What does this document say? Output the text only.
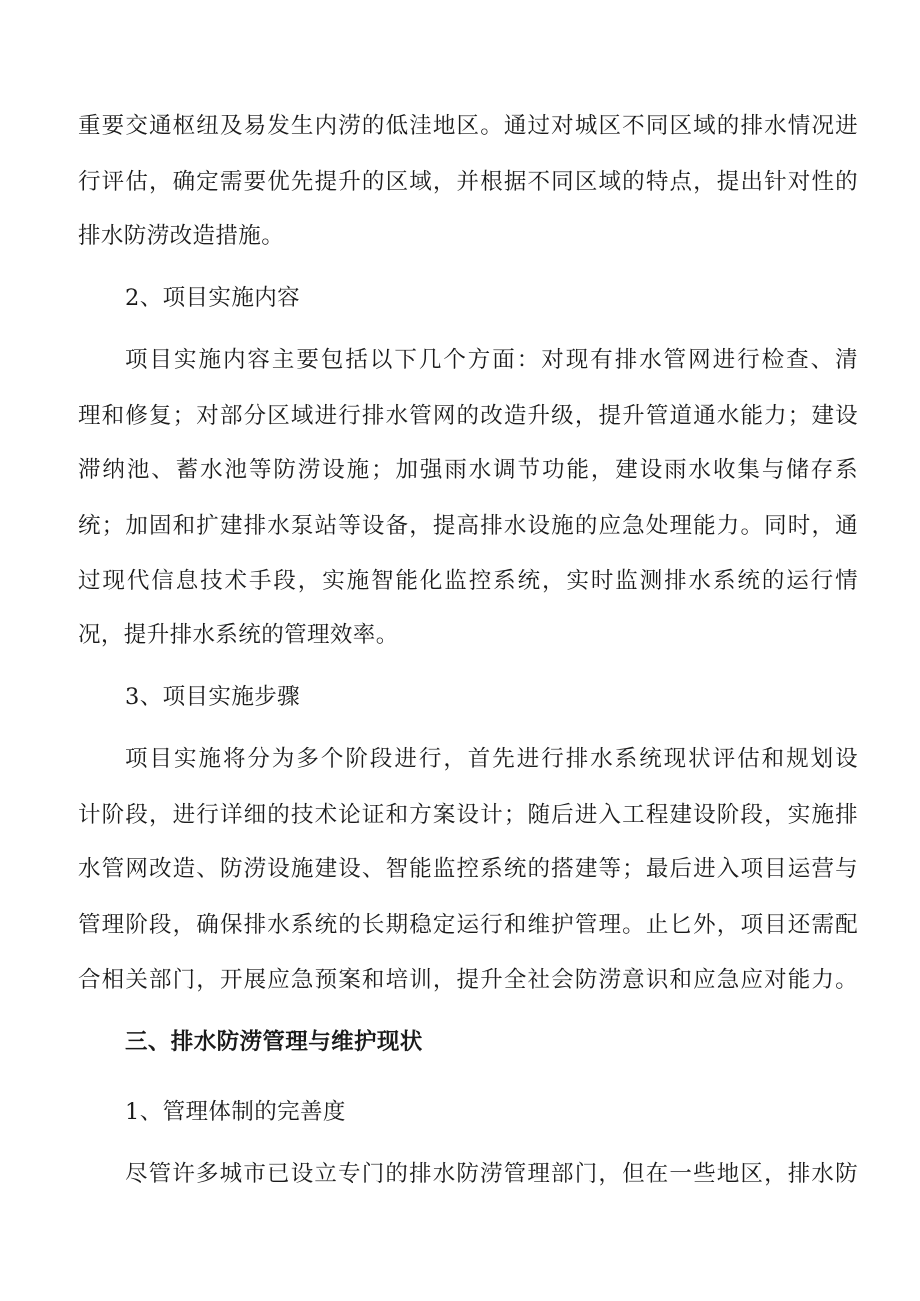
重要交通枢纽及易发生内涝的低洼地区。通过对城区不同区域的排水情况进
行评估，确定需要优先提升的区域，并根据不同区域的特点，提出针对性的
排水防涝改造措施。
2、项目实施内容
项目实施内容主要包括以下几个方面：对现有排水管网进行检查、清
理和修复；对部分区域进行排水管网的改造升级，提升管道通水能力；建设
滞纳池、蓄水池等防涝设施；加强雨水调节功能，建设雨水收集与储存系
统；加固和扩建排水泵站等设备，提高排水设施的应急处理能力。同时，通
过现代信息技术手段，实施智能化监控系统，实时监测排水系统的运行情
况，提升排水系统的管理效率。
3、项目实施步骤
项目实施将分为多个阶段进行，首先进行排水系统现状评估和规划设
计阶段，进行详细的技术论证和方案设计；随后进入工程建设阶段，实施排
水管网改造、防涝设施建设、智能监控系统的搭建等；最后进入项目运营与
管理阶段，确保排水系统的长期稳定运行和维护管理。止匕外，项目还需配
合相关部门，开展应急预案和培训，提升全社会防涝意识和应急应对能力。
三、排水防涝管理与维护现状
1、管理体制的完善度
尽管许多城市已设立专门的排水防涝管理部门，但在一些地区，排水防
